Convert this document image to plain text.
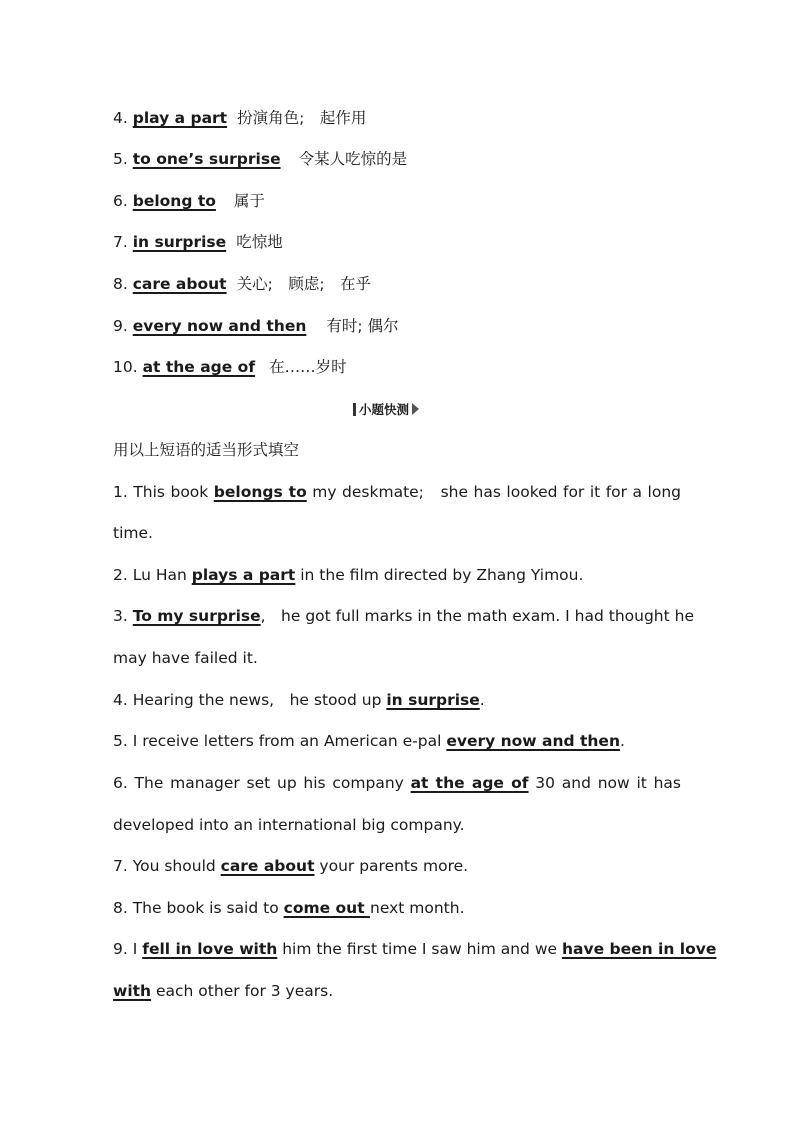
4. play a part 扮演角色;　起作用
5. to one’s surprise 令某人吃惊的是
6. belong to 属于
7. in surprise 吃惊地
8. care about 关心;　顾虑;　在乎
9. every now and then 有时; 偶尔
10. at the age of 在……岁时
小题快测
用以上短语的适当形式填空
1. This book belongs to my deskmate;　she has looked for it for a long
time.
2. Lu Han plays a part in the film directed by Zhang Yimou.
3. To my surprise,　he got full marks in the math exam. I had thought he
may have failed it.
4. Hearing the news,　he stood up in surprise.
5. I receive letters from an American e-pal every now and then.
6. The manager set up his company at the age of 30 and now it has
developed into an international big company.
7. You should care about your parents more.
8. The book is said to come out next month.
9. I fell in love with him the first time I saw him and we have been in love
with each other for 3 years.
